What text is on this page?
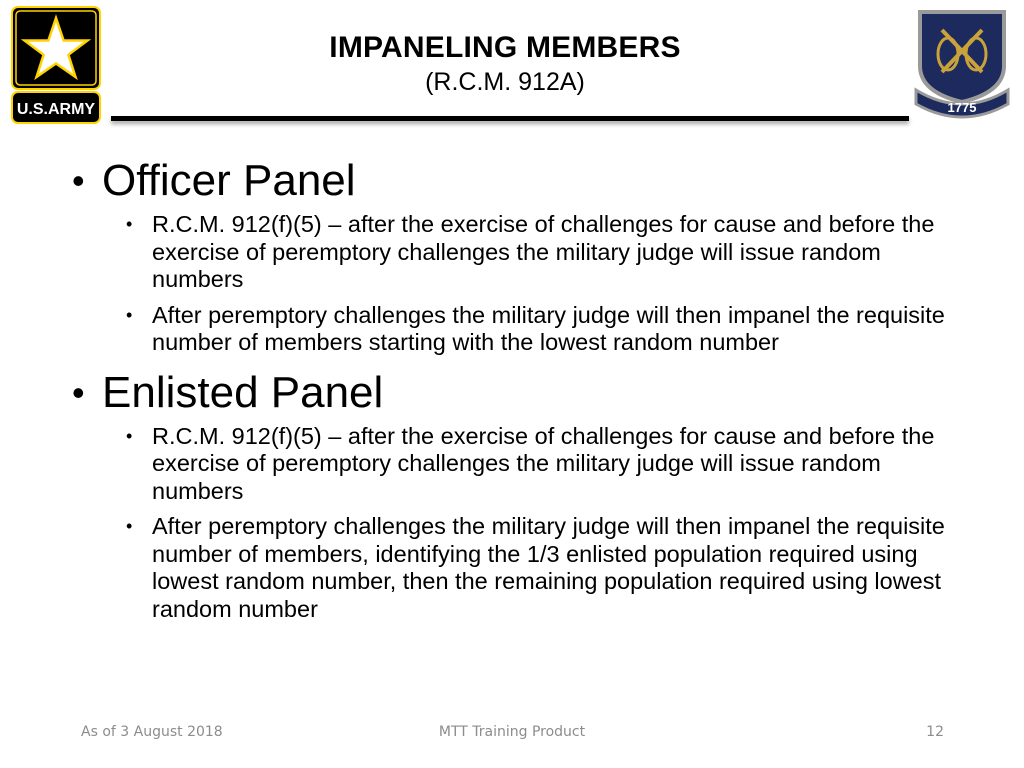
U.S.ARMY	1775
IMPANELING MEMBERS
(R.C.M. 912A)
• Officer Panel
• R.C.M. 912(f)(5) – after the exercise of challenges for cause and before the exercise of peremptory challenges the military judge will issue random numbers
• After peremptory challenges the military judge will then impanel the requisite number of members starting with the lowest random number
• Enlisted Panel
• R.C.M. 912(f)(5) – after the exercise of challenges for cause and before the exercise of peremptory challenges the military judge will issue random numbers
• After peremptory challenges the military judge will then impanel the requisite number of members, identifying the 1/3 enlisted population required using lowest random number, then the remaining population required using lowest random number
As of 3 August 2018	MTT Training Product	12
